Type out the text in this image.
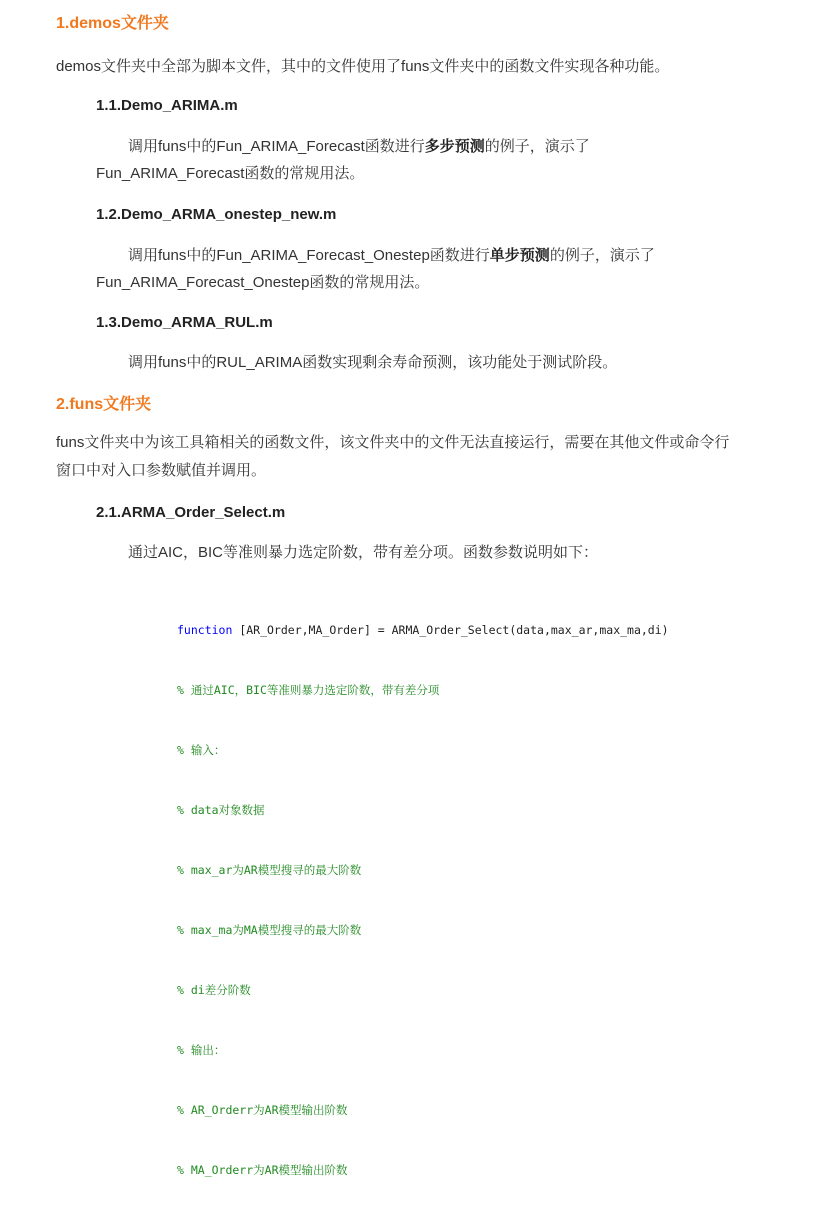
1.demos文件夹
demos文件夹中全部为脚本文件，其中的文件使用了funs文件夹中的函数文件实现各种功能。
1.1.Demo_ARIMA.m
调用funs中的Fun_ARIMA_Forecast函数进行多步预测的例子，演示了
Fun_ARIMA_Forecast函数的常规用法。
1.2.Demo_ARMA_onestep_new.m
调用funs中的Fun_ARIMA_Forecast_Onestep函数进行单步预测的例子，演示了
Fun_ARIMA_Forecast_Onestep函数的常规用法。
1.3.Demo_ARMA_RUL.m
调用funs中的RUL_ARIMA函数实现剩余寿命预测，该功能处于测试阶段。
2.funs文件夹
funs文件夹中为该工具箱相关的函数文件，该文件夹中的文件无法直接运行，需要在其他文件或命令行
窗口中对入口参数赋值并调用。
2.1.ARMA_Order_Select.m
通过AIC，BIC等准则暴力选定阶数，带有差分项。函数参数说明如下：

function [AR_Order,MA_Order] = ARMA_Order_Select(data,max_ar,max_ma,di)

% 通过AIC，BIC等准则暴力选定阶数，带有差分项

% 输入：

% data对象数据

% max_ar为AR模型搜寻的最大阶数

% max_ma为MA模型搜寻的最大阶数

% di差分阶数

% 输出：

% AR_Orderr为AR模型输出阶数

% MA_Orderr为AR模型输出阶数
